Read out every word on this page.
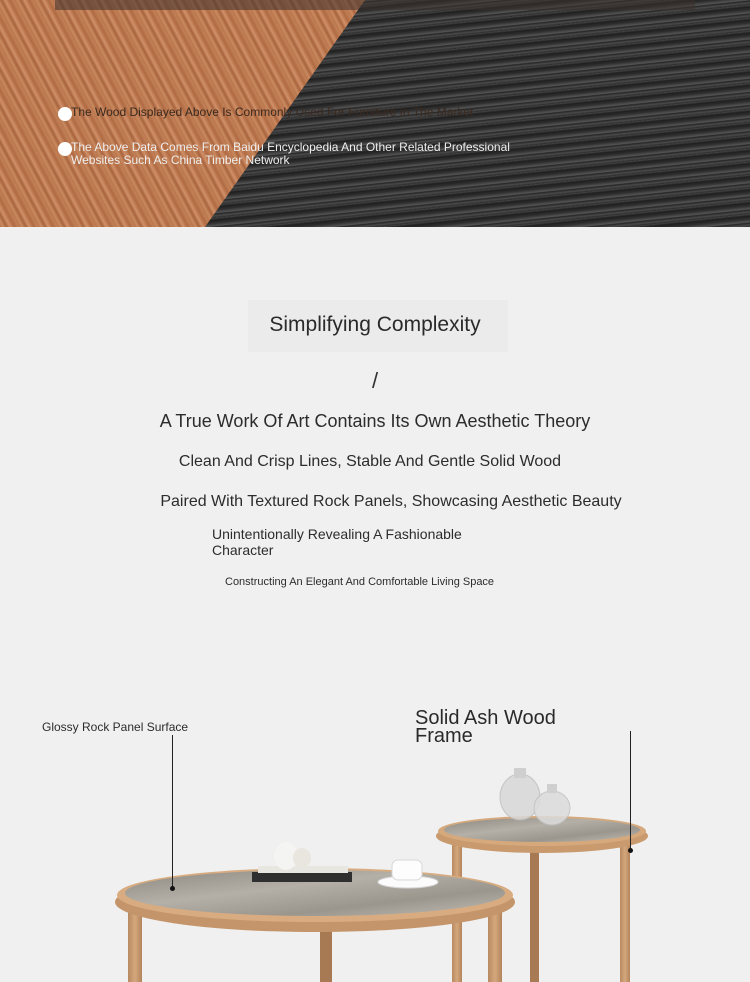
The Wood Displayed Above Is Commonly Used For Furniture In The Market
The Above Data Comes From Baidu Encyclopedia And Other Related Professional Websites Such As China Timber Network
Simplifying Complexity
/
A True Work Of Art Contains Its Own Aesthetic Theory
Clean And Crisp Lines, Stable And Gentle Solid Wood
Paired With Textured Rock Panels, Showcasing Aesthetic Beauty
Unintentionally Revealing A Fashionable Character
Constructing An Elegant And Comfortable Living Space
Glossy Rock Panel Surface	Solid Ash Wood Frame
